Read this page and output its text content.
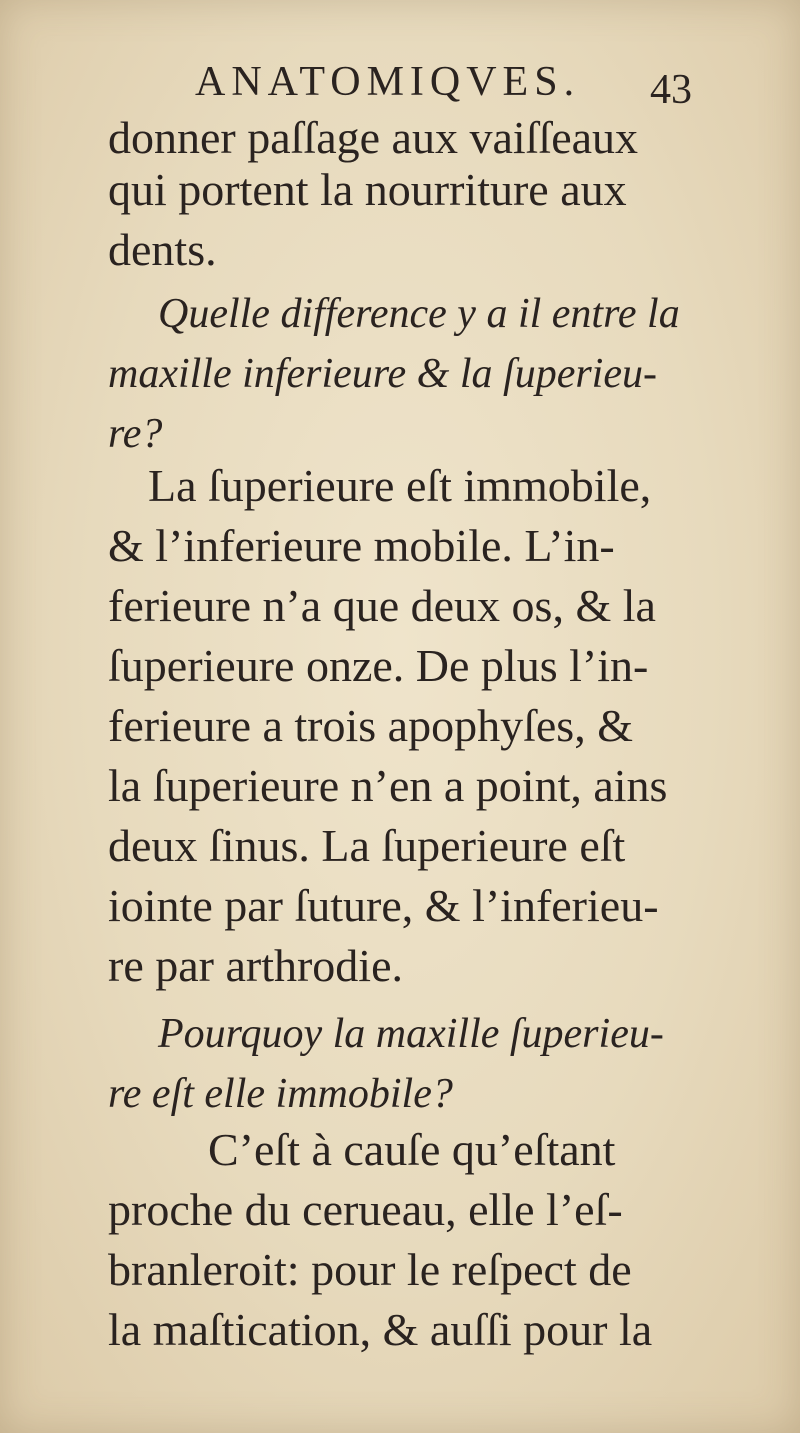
ANATOMIQVES. 43
donner paſſage aux vaiſſeaux
qui portent la nourriture aux
dents.
Quelle difference y a il entre la
maxille inferieure & la ſuperieu-
re?
La ſuperieure eſt immobile,
& l’inferieure mobile. L’in-
ferieure n’a que deux os, & la
ſuperieure onze. De plus l’in-
ferieure a trois apophyſes, &
la ſuperieure n’en a point, ains
deux ſinus. La ſuperieure eſt
iointe par ſuture, & l’inferieu-
re par arthrodie.
Pourquoy la maxille ſuperieu-
re eſt elle immobile?
C’eſt à cauſe qu’eſtant
proche du cerueau, elle l’eſ-
branleroit: pour le reſpect de
la maſtication, & auſſi pour la
